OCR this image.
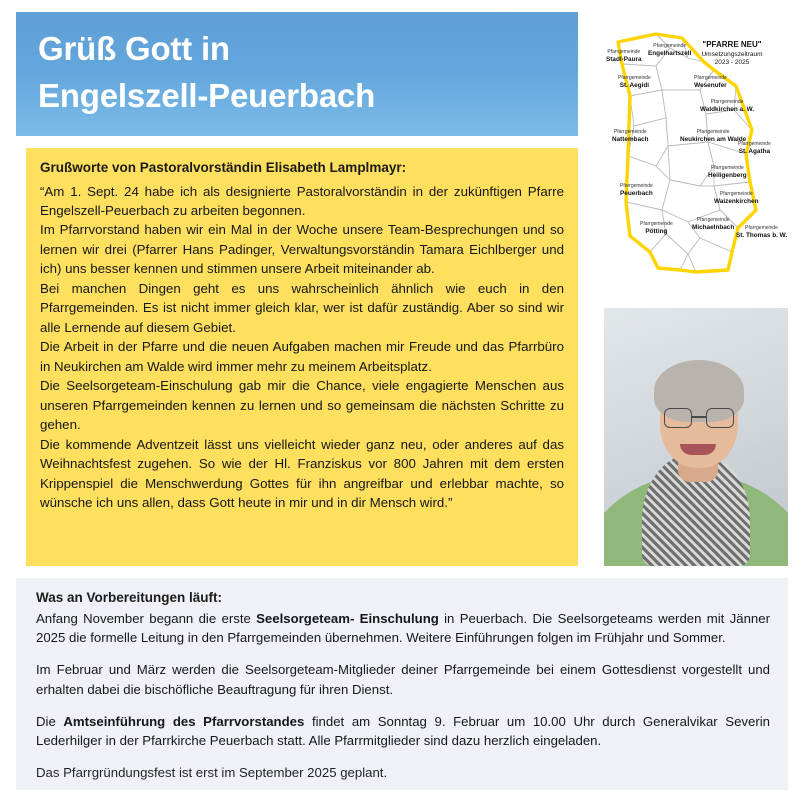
Grüß Gott in
Engelszell-Peuerbach
Grußworte von Pastoralvorständin Elisabeth Lamplmayr:

“Am 1. Sept. 24 habe ich als designierte Pastoralvorständin in der zukünftigen Pfarre Engelszell-Peuerbach zu arbeiten begonnen.
Im Pfarrvorstand haben wir ein Mal in der Woche unsere Team-Besprechungen und so lernen wir drei (Pfarrer Hans Padinger, Verwaltungsvorständin Tamara Eichlberger und ich) uns besser kennen und stimmen unsere Arbeit miteinander ab.
Bei manchen Dingen geht es uns wahrscheinlich ähnlich wie euch in den Pfarrgemeinden. Es ist nicht immer gleich klar, wer ist dafür zuständig. Aber so sind wir alle Lernende auf diesem Gebiet.
Die Arbeit in der Pfarre und die neuen Aufgaben machen mir Freude und das Pfarrbüro in Neukirchen am Walde wird immer mehr zu meinem Arbeitsplatz.
Die Seelsorgeteam-Einschulung gab mir die Chance, viele engagierte Menschen aus unseren Pfarrgemeinden kennen zu lernen und so gemeinsam die nächsten Schritte zu gehen.
Die kommende Adventzeit lässt uns vielleicht wieder ganz neu, oder anderes auf das Weihnachtsfest zugehen. So wie der Hl. Franziskus vor 800 Jahren mit dem ersten Krippenspiel die Menschwerdung Gottes für ihn angreifbar und erlebbar machte, so wünsche ich uns allen, dass Gott heute in mir und in dir Mensch wird.”

"PFARRE NEU"
Umsetzungszeitraum
2023 - 2025
Pfarrgemeinde
Stadl-Paura
Pfarrgemeinde
Engelhartszell
Pfarrgemeinde
St. Aegidi
Pfarrgemeinde
Wesenufer
Pfarrgemeinde
Waldkirchen a. W.
Pfarrgemeinde
Nattembach
Pfarrgemeinde
Neukirchen am Walde
Pfarrgemeinde
St. Agatha
Pfarrgemeinde
Heiligenberg
Pfarrgemeinde
Peuerbach	Pfarrgemeinde
Waizenkirchen
Pfarrgemeinde
Pötting
Pfarrgemeinde
Michaelnbach	Pfarrgemeinde
St. Thomas b. W.
Was an Vorbereitungen läuft:

Anfang November begann die erste Seelsorgeteam- Einschulung in Peuerbach. Die Seelsorgeteams werden mit Jänner 2025 die formelle Leitung in den Pfarrgemeinden übernehmen. Weitere Einführungen folgen im Frühjahr und Sommer.

Im Februar und März werden die Seelsorgeteam-Mitglieder deiner Pfarrgemeinde bei einem Gottesdienst vorgestellt und erhalten dabei die bischöfliche Beauftragung für ihren Dienst.

Die Amtseinführung des Pfarrvorstandes findet am Sonntag 9. Februar um 10.00 Uhr durch Generalvikar Severin Lederhilger in der Pfarrkirche Peuerbach statt. Alle Pfarrmitglieder sind dazu herzlich eingeladen.

Das Pfarrgründungsfest ist erst im September 2025 geplant.
